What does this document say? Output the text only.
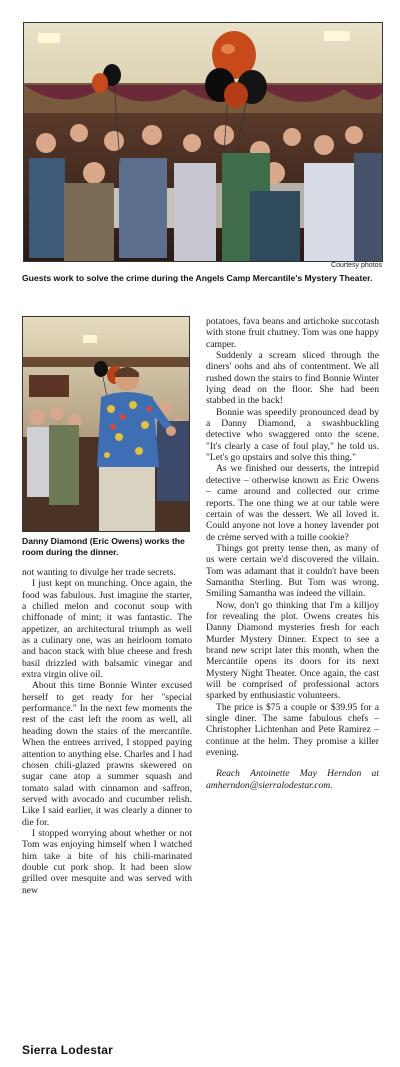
Courtesy photos
Guests work to solve the crime during the Angels Camp Mercantile's Mystery Theater.
Danny Diamond (Eric Owens) works the room during the dinner.

not wanting to divulge her trade secrets.

I just kept on munching. Once again, the food was fabulous. Just imagine the starter, a chilled melon and coconut soup with chiffonade of mint; it was fantastic. The appetizer, an architectural triumph as well as a culinary one, was an heirloom tomato and bacon stack with blue cheese and fresh basil drizzled with balsamic vinegar and extra virgin olive oil.

About this time Bonnie Winter excused herself to get ready for her "special performance." In the next few moments the rest of the cast left the room as well, all heading down the stairs of the mercantile. When the entrees arrived, I stopped paying attention to anything else. Charles and I had chosen chili-glazed prawns skewered on sugar cane atop a summer squash and tomato salad with cinnamon and saffron, served with avocado and cucumber relish. Like I said earlier, it was clearly a dinner to die for.

I stopped worrying about whether or not Tom was enjoying himself when I watched him take a bite of his chili-marinated double cut pork shop. It had been slow grilled over mesquite and was served with new

potatoes, fava beans and artichoke succotash with stone fruit chutney. Tom was one happy camper.

Suddenly a scream sliced through the diners' oohs and ahs of contentment. We all rushed down the stairs to find Bonnie Winter lying dead on the floor. She had been stabbed in the back!

Bonnie was speedily pronounced dead by a Danny Diamond, a swashbuckling detective who swaggered onto the scene. "It's clearly a case of foul play," he told us. "Let's go upstairs and solve this thing."

As we finished our desserts, the intrepid detective – otherwise known as Eric Owens – came around and collected our crime reports. The one thing we at our table were certain of was the dessert. We all loved it. Could anyone not love a honey lavender pot de crème served with a tuille cookie?

Things got pretty tense then, as many of us were certain we'd discovered the villain. Tom was adamant that it couldn't have been Samantha Sterling. But Tom was wrong. Smiling Samantha was indeed the villain.

Now, don't go thinking that I'm a killjoy for revealing the plot. Owens creates his Danny Diamond mysteries fresh for each Murder Mystery Dinner. Expect to see a brand new script later this month, when the Mercantile opens its doors for its next Mystery Night Theater. Once again, the cast will be comprised of professional actors sparked by enthusiastic volunteers.

The price is $75 a couple or $39.95 for a single diner. The same fabulous chefs – Christopher Lichtenhan and Pete Ramirez – continue at the helm. They promise a killer evening.

Reach Antoinette May Herndon at amherndon@sierralodestar.com.

Sierra Lodestar
